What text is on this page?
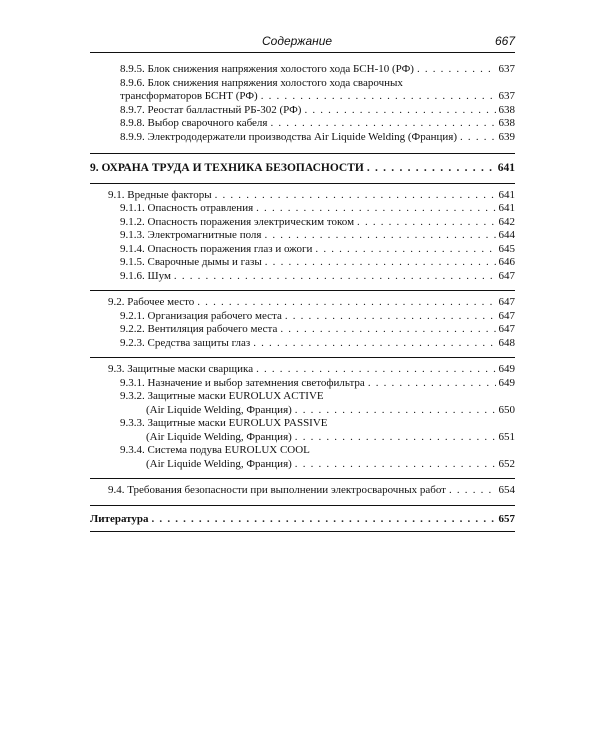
Содержание	667
8.9.5. Блок снижения напряжения холостого хода БСН-10 (РФ) . . .	637
8.9.6. Блок снижения напряжения холостого хода сварочных
трансформаторов БСНТ (РФ) . . .	637
8.9.7. Реостат балластный РБ-302 (РФ) . . .	638
8.9.8. Выбор сварочного кабеля . . .	638
8.9.9. Электрододержатели производства Air Liquide Welding (Франция) . . .	639
9. ОХРАНА ТРУДА И ТЕХНИКА БЕЗОПАСНОСТИ . . .	641
9.1. Вредные факторы . . .	641
9.1.1. Опасность отравления . . .	641
9.1.2. Опасность поражения электрическим током . . .	642
9.1.3. Электромагнитные поля . . .	644
9.1.4. Опасность поражения глаз и ожоги . . .	645
9.1.5. Сварочные дымы и газы . . .	646
9.1.6. Шум . . .	647
9.2. Рабочее место . . .	647
9.2.1. Организация рабочего места . . .	647
9.2.2. Вентиляция рабочего места . . .	647
9.2.3. Средства защиты глаз . . .	648
9.3. Защитные маски сварщика . . .	649
9.3.1. Назначение и выбор затемнения светофильтра . . .	649
9.3.2. Защитные маски EUROLUX ACTIVE
(Air Liquide Welding, Франция) . . .	650
9.3.3. Защитные маски EUROLUX PASSIVE
(Air Liquide Welding, Франция) . . .	651
9.3.4. Система подува EUROLUX COOL
(Air Liquide Welding, Франция) . . .	652
9.4. Требования безопасности при выполнении электросварочных работ . . .	654
Литература . . .	657
